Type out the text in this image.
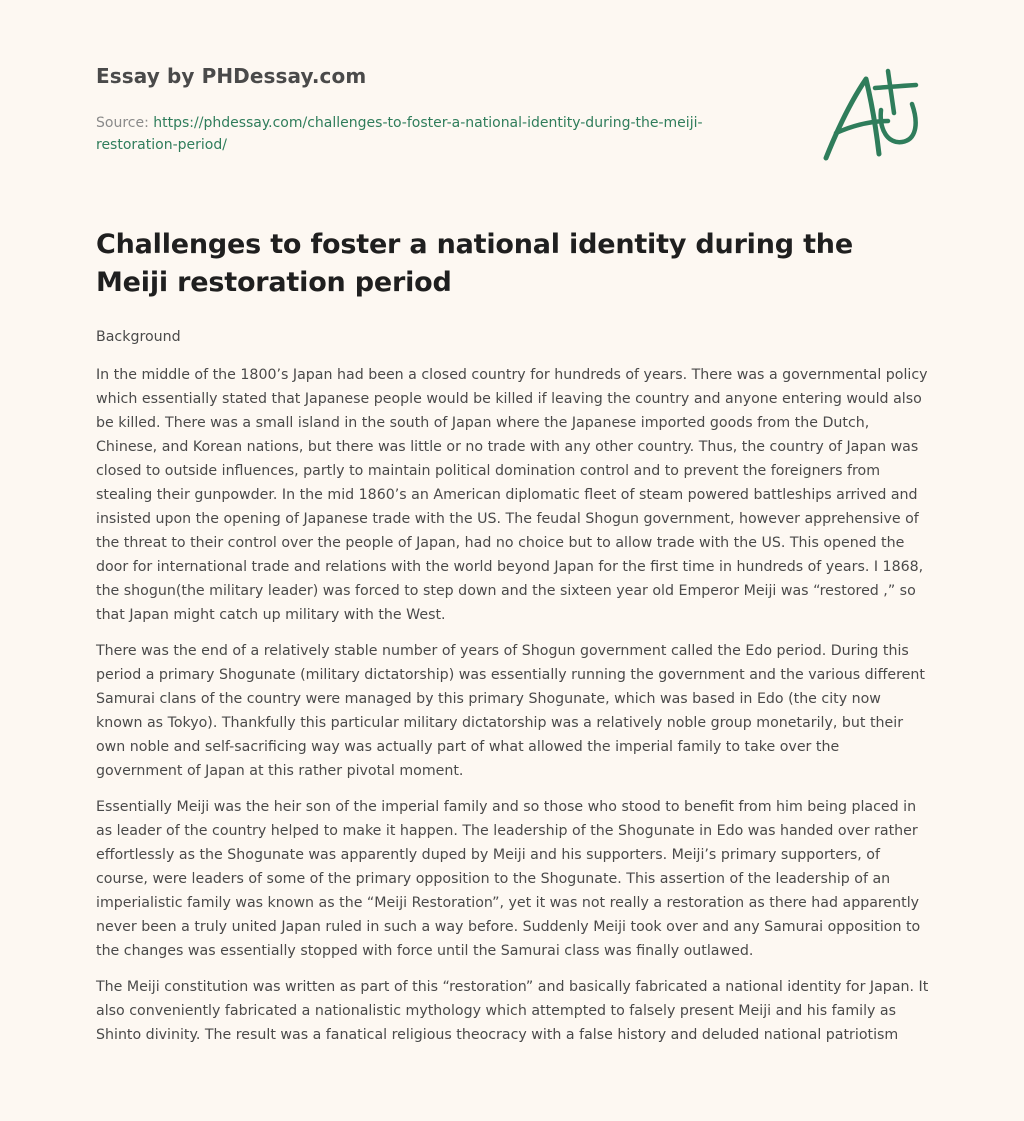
Essay by PHDessay.com
Source: https://phdessay.com/challenges-to-foster-a-national-identity-during-the-meiji-restoration-period/
Challenges to foster a national identity during the Meiji restoration period

Background

In the middle of the 1800’s Japan had been a closed country for hundreds of years. There was a governmental policy which essentially stated that Japanese people would be killed if leaving the country and anyone entering would also be killed. There was a small island in the south of Japan where the Japanese imported goods from the Dutch, Chinese, and Korean nations, but there was little or no trade with any other country. Thus, the country of Japan was closed to outside influences, partly to maintain political domination control and to prevent the foreigners from stealing their gunpowder. In the mid 1860’s an American diplomatic fleet of steam powered battleships arrived and insisted upon the opening of Japanese trade with the US. The feudal Shogun government, however apprehensive of the threat to their control over the people of Japan, had no choice but to allow trade with the US. This opened the door for international trade and relations with the world beyond Japan for the first time in hundreds of years. I 1868, the shogun(the military leader) was forced to step down and the sixteen year old Emperor Meiji was “restored ,” so that Japan might catch up military with the West.

There was the end of a relatively stable number of years of Shogun government called the Edo period. During this period a primary Shogunate (military dictatorship) was essentially running the government and the various different Samurai clans of the country were managed by this primary Shogunate, which was based in Edo (the city now known as Tokyo). Thankfully this particular military dictatorship was a relatively noble group monetarily, but their own noble and self-sacrificing way was actually part of what allowed the imperial family to take over the government of Japan at this rather pivotal moment.

Essentially Meiji was the heir son of the imperial family and so those who stood to benefit from him being placed in as leader of the country helped to make it happen. The leadership of the Shogunate in Edo was handed over rather effortlessly as the Shogunate was apparently duped by Meiji and his supporters. Meiji’s primary supporters, of course, were leaders of some of the primary opposition to the Shogunate. This assertion of the leadership of an imperialistic family was known as the “Meiji Restoration”, yet it was not really a restoration as there had apparently never been a truly united Japan ruled in such a way before. Suddenly Meiji took over and any Samurai opposition to the changes was essentially stopped with force until the Samurai class was finally outlawed.

The Meiji constitution was written as part of this “restoration” and basically fabricated a national identity for Japan. It also conveniently fabricated a nationalistic mythology which attempted to falsely present Meiji and his family as Shinto divinity. The result was a fanatical religious theocracy with a false history and deluded national patriotism
